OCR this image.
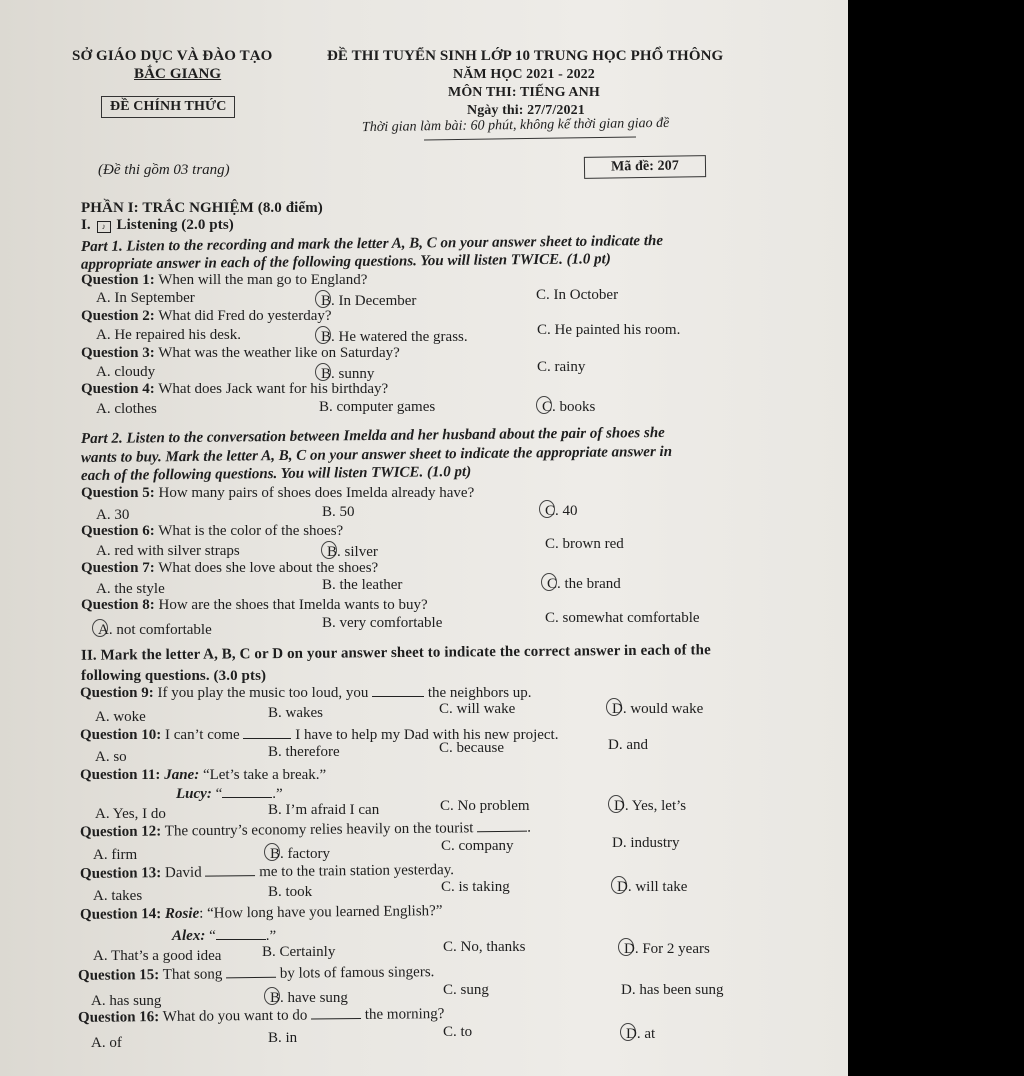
SỞ GIÁO DỤC VÀ ĐÀO TẠO
BẮC GIANG
ĐỀ CHÍNH THỨC
ĐỀ THI TUYỂN SINH LỚP 10 TRUNG HỌC PHỔ THÔNG
NĂM HỌC 2021 - 2022
MÔN THI: TIẾNG ANH
Ngày thi: 27/7/2021
Thời gian làm bài: 60 phút, không kể thời gian giao đề
(Đề thi gồm 03 trang)	Mã đề: 207
PHẦN I: TRẮC NGHIỆM (8.0 điểm)
I. ♪ Listening (2.0 pts)
Part 1. Listen to the recording and mark the letter A, B, C on your answer sheet to indicate the
appropriate answer in each of the following questions. You will listen TWICE. (1.0 pt)
Question 1: When will the man go to England?
A. In September	B. In December	C. In October
Question 2: What did Fred do yesterday?
A. He repaired his desk.	B. He watered the grass.	C. He painted his room.
Question 3: What was the weather like on Saturday?
A. cloudy	B. sunny	C. rainy
Question 4: What does Jack want for his birthday?
A. clothes	B. computer games	C. books
Part 2. Listen to the conversation between Imelda and her husband about the pair of shoes she
wants to buy. Mark the letter A, B, C on your answer sheet to indicate the appropriate answer in
each of the following questions. You will listen TWICE. (1.0 pt)
Question 5: How many pairs of shoes does Imelda already have?
A. 30	B. 50	C. 40
Question 6: What is the color of the shoes?
A. red with silver straps	B. silver	C. brown red
Question 7: What does she love about the shoes?
A. the style	B. the leather	C. the brand
Question 8: How are the shoes that Imelda wants to buy?
A. not comfortable	B. very comfortable	C. somewhat comfortable
II. Mark the letter A, B, C or D on your answer sheet to indicate the correct answer in each of the
following questions. (3.0 pts)
Question 9: If you play the music too loud, you	the neighbors up.
A. woke	B. wakes	C. will wake	D. would wake
Question 10: I can’t come	I have to help my Dad with his new project.
A. so	B. therefore	C. because	D. and
Question 11: Jane: “Let’s take a break.”
Lucy: “	.”
A. Yes, I do	B. I’m afraid I can	C. No problem	D. Yes, let’s
Question 12: The country’s economy relies heavily on the tourist	.
A. firm	B. factory	C. company	D. industry
Question 13: David	me to the train station yesterday.
A. takes	B. took	C. is taking	D. will take
Question 14: Rosie: “How long have you learned English?”
Alex: “	.”
A. That’s a good idea	B. Certainly	C. No, thanks	D. For 2 years
Question 15: That song	by lots of famous singers.
A. has sung	B. have sung	C. sung	D. has been sung
Question 16: What do you want to do	the morning?
A. of	B. in	C. to	D. at
